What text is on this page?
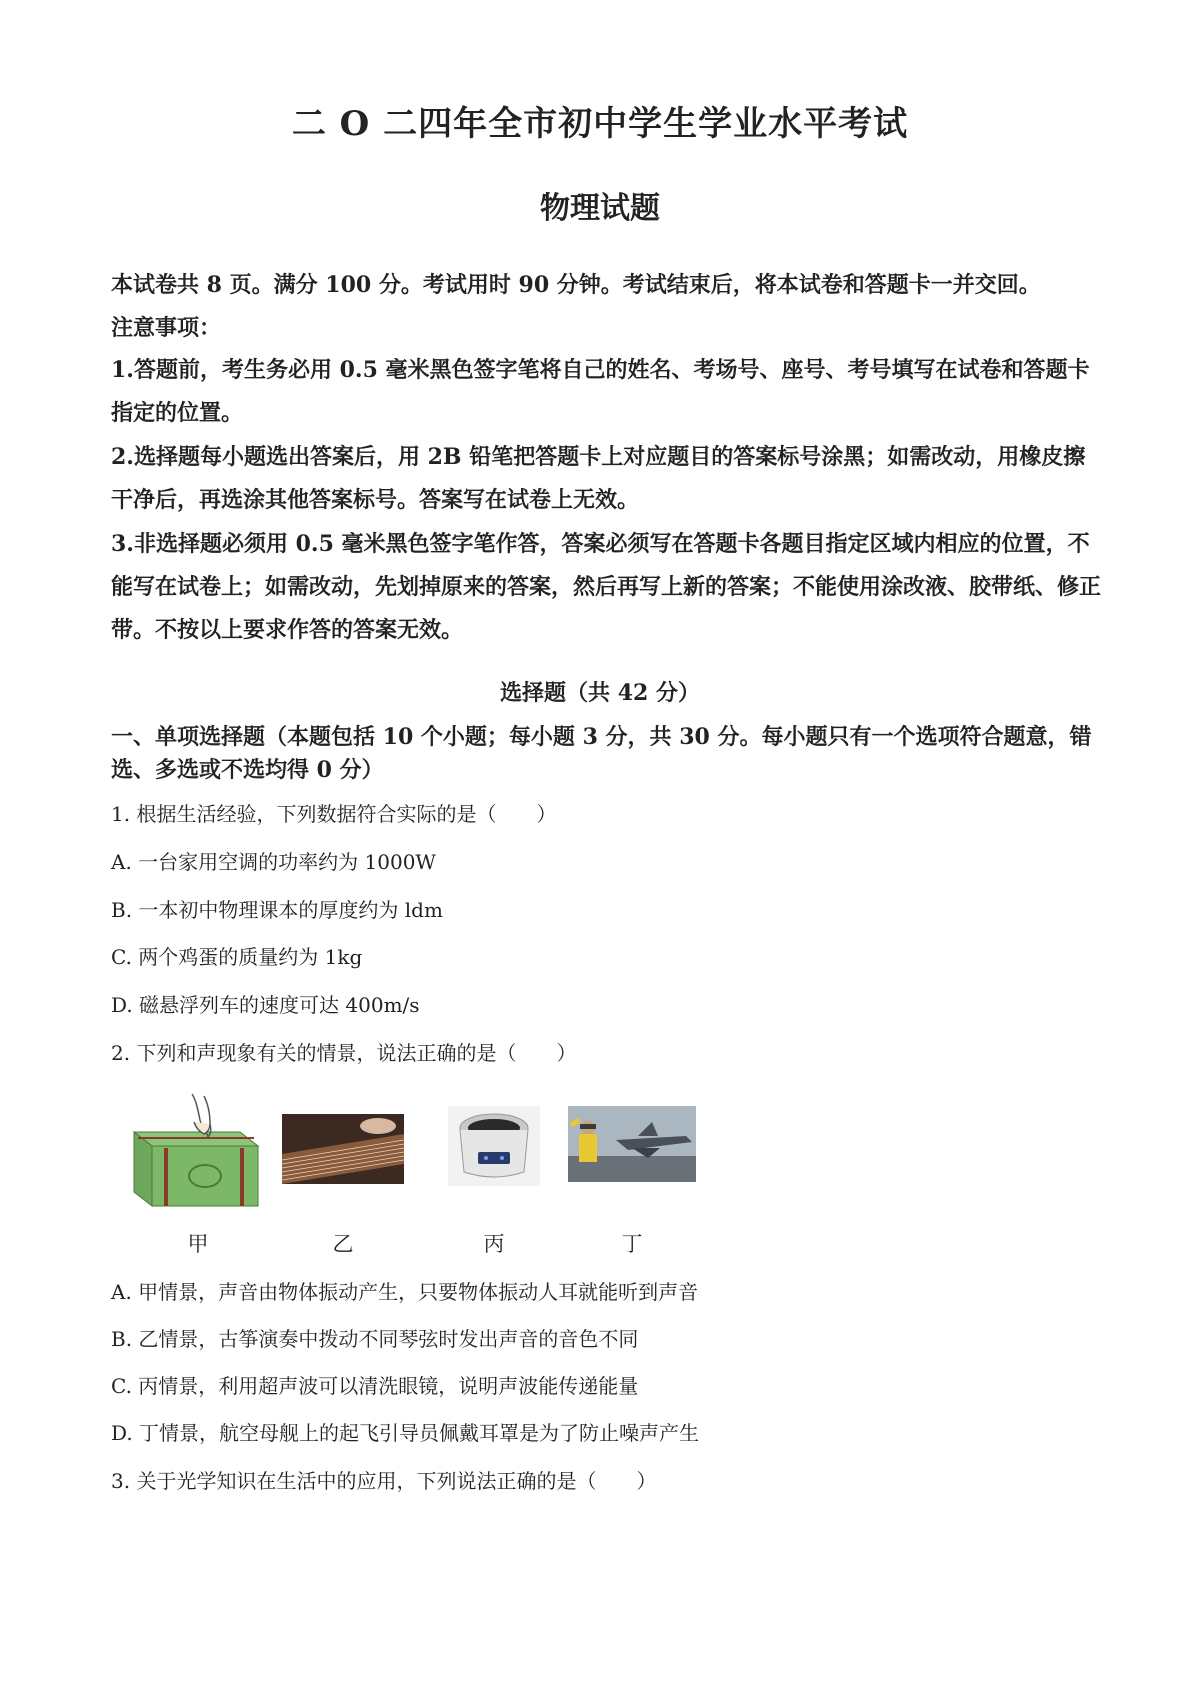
二 O 二四年全市初中学生学业水平考试
物理试题
本试卷共 8 页。满分 100 分。考试用时 90 分钟。考试结束后，将本试卷和答题卡一并交回。
注意事项：
1.答题前，考生务必用 0.5 毫米黑色签字笔将自己的姓名、考场号、座号、考号填写在试卷和答题卡指定的位置。
2.选择题每小题选出答案后，用 2B 铅笔把答题卡上对应题目的答案标号涂黑；如需改动，用橡皮擦干净后，再选涂其他答案标号。答案写在试卷上无效。
3.非选择题必须用 0.5 毫米黑色签字笔作答，答案必须写在答题卡各题目指定区域内相应的位置，不能写在试卷上；如需改动，先划掉原来的答案，然后再写上新的答案；不能使用涂改液、胶带纸、修正带。不按以上要求作答的答案无效。
选择题（共 42 分）
一、单项选择题（本题包括 10 个小题；每小题 3 分，共 30 分。每小题只有一个选项符合题意，错选、多选或不选均得 0 分）
1. 根据生活经验，下列数据符合实际的是（　　）
A. 一台家用空调的功率约为 1000W
B. 一本初中物理课本的厚度约为 ldm
C. 两个鸡蛋的质量约为 1kg
D. 磁悬浮列车的速度可达 400m/s
2. 下列和声现象有关的情景，说法正确的是（　　）
甲	乙	丙	丁
A. 甲情景，声音由物体振动产生，只要物体振动人耳就能听到声音
B. 乙情景，古筝演奏中拨动不同琴弦时发出声音的音色不同
C. 丙情景，利用超声波可以清洗眼镜，说明声波能传递能量
D. 丁情景，航空母舰上的起飞引导员佩戴耳罩是为了防止噪声产生
3. 关于光学知识在生活中的应用，下列说法正确的是（　　）
